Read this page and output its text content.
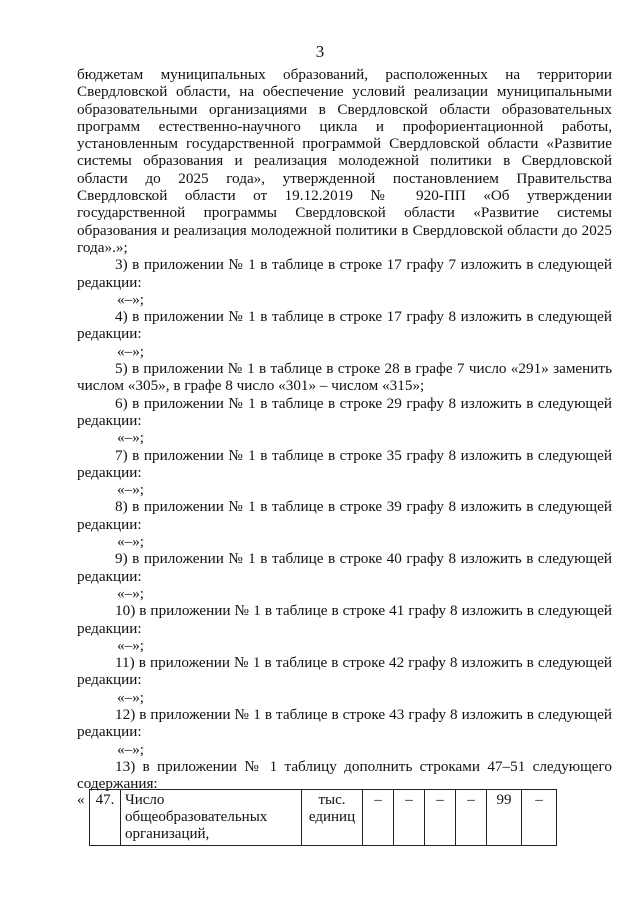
3

бюджетам муниципальных образований, расположенных на территории Свердловской области, на обеспечение условий реализации муниципальными образовательными организациями в Свердловской области образовательных программ естественно-научного цикла и профориентационной работы, установленным государственной программой Свердловской области «Развитие системы образования и реализация молодежной политики в Свердловской области до 2025 года», утвержденной постановлением Правительства Свердловской области от 19.12.2019 № 920-ПП «Об утверждении государственной программы Свердловской области «Развитие системы образования и реализация молодежной политики в Свердловской области до 2025 года».»;

3) в приложении № 1 в таблице в строке 17 графу 7 изложить в следующей редакции:

«–»;

4) в приложении № 1 в таблице в строке 17 графу 8 изложить в следующей редакции:

«–»;

5) в приложении № 1 в таблице в строке 28 в графе 7 число «291» заменить числом «305», в графе 8 число «301» – числом «315»;

6) в приложении № 1 в таблице в строке 29 графу 8 изложить в следующей редакции:

«–»;

7) в приложении № 1 в таблице в строке 35 графу 8 изложить в следующей редакции:

«–»;

8) в приложении № 1 в таблице в строке 39 графу 8 изложить в следующей редакции:

«–»;

9) в приложении № 1 в таблице в строке 40 графу 8 изложить в следующей редакции:

«–»;

10) в приложении № 1 в таблице в строке 41 графу 8 изложить в следующей редакции:

«–»;

11) в приложении № 1 в таблице в строке 42 графу 8 изложить в следующей редакции:

«–»;

12) в приложении № 1 в таблице в строке 43 графу 8 изложить в следующей редакции:

«–»;

13) в приложении № 1 таблицу дополнить строками 47–51 следующего содержания:

«	47.	Число общеобразовательных организаций,	тыс. единиц	–	–	–	–	99	–
